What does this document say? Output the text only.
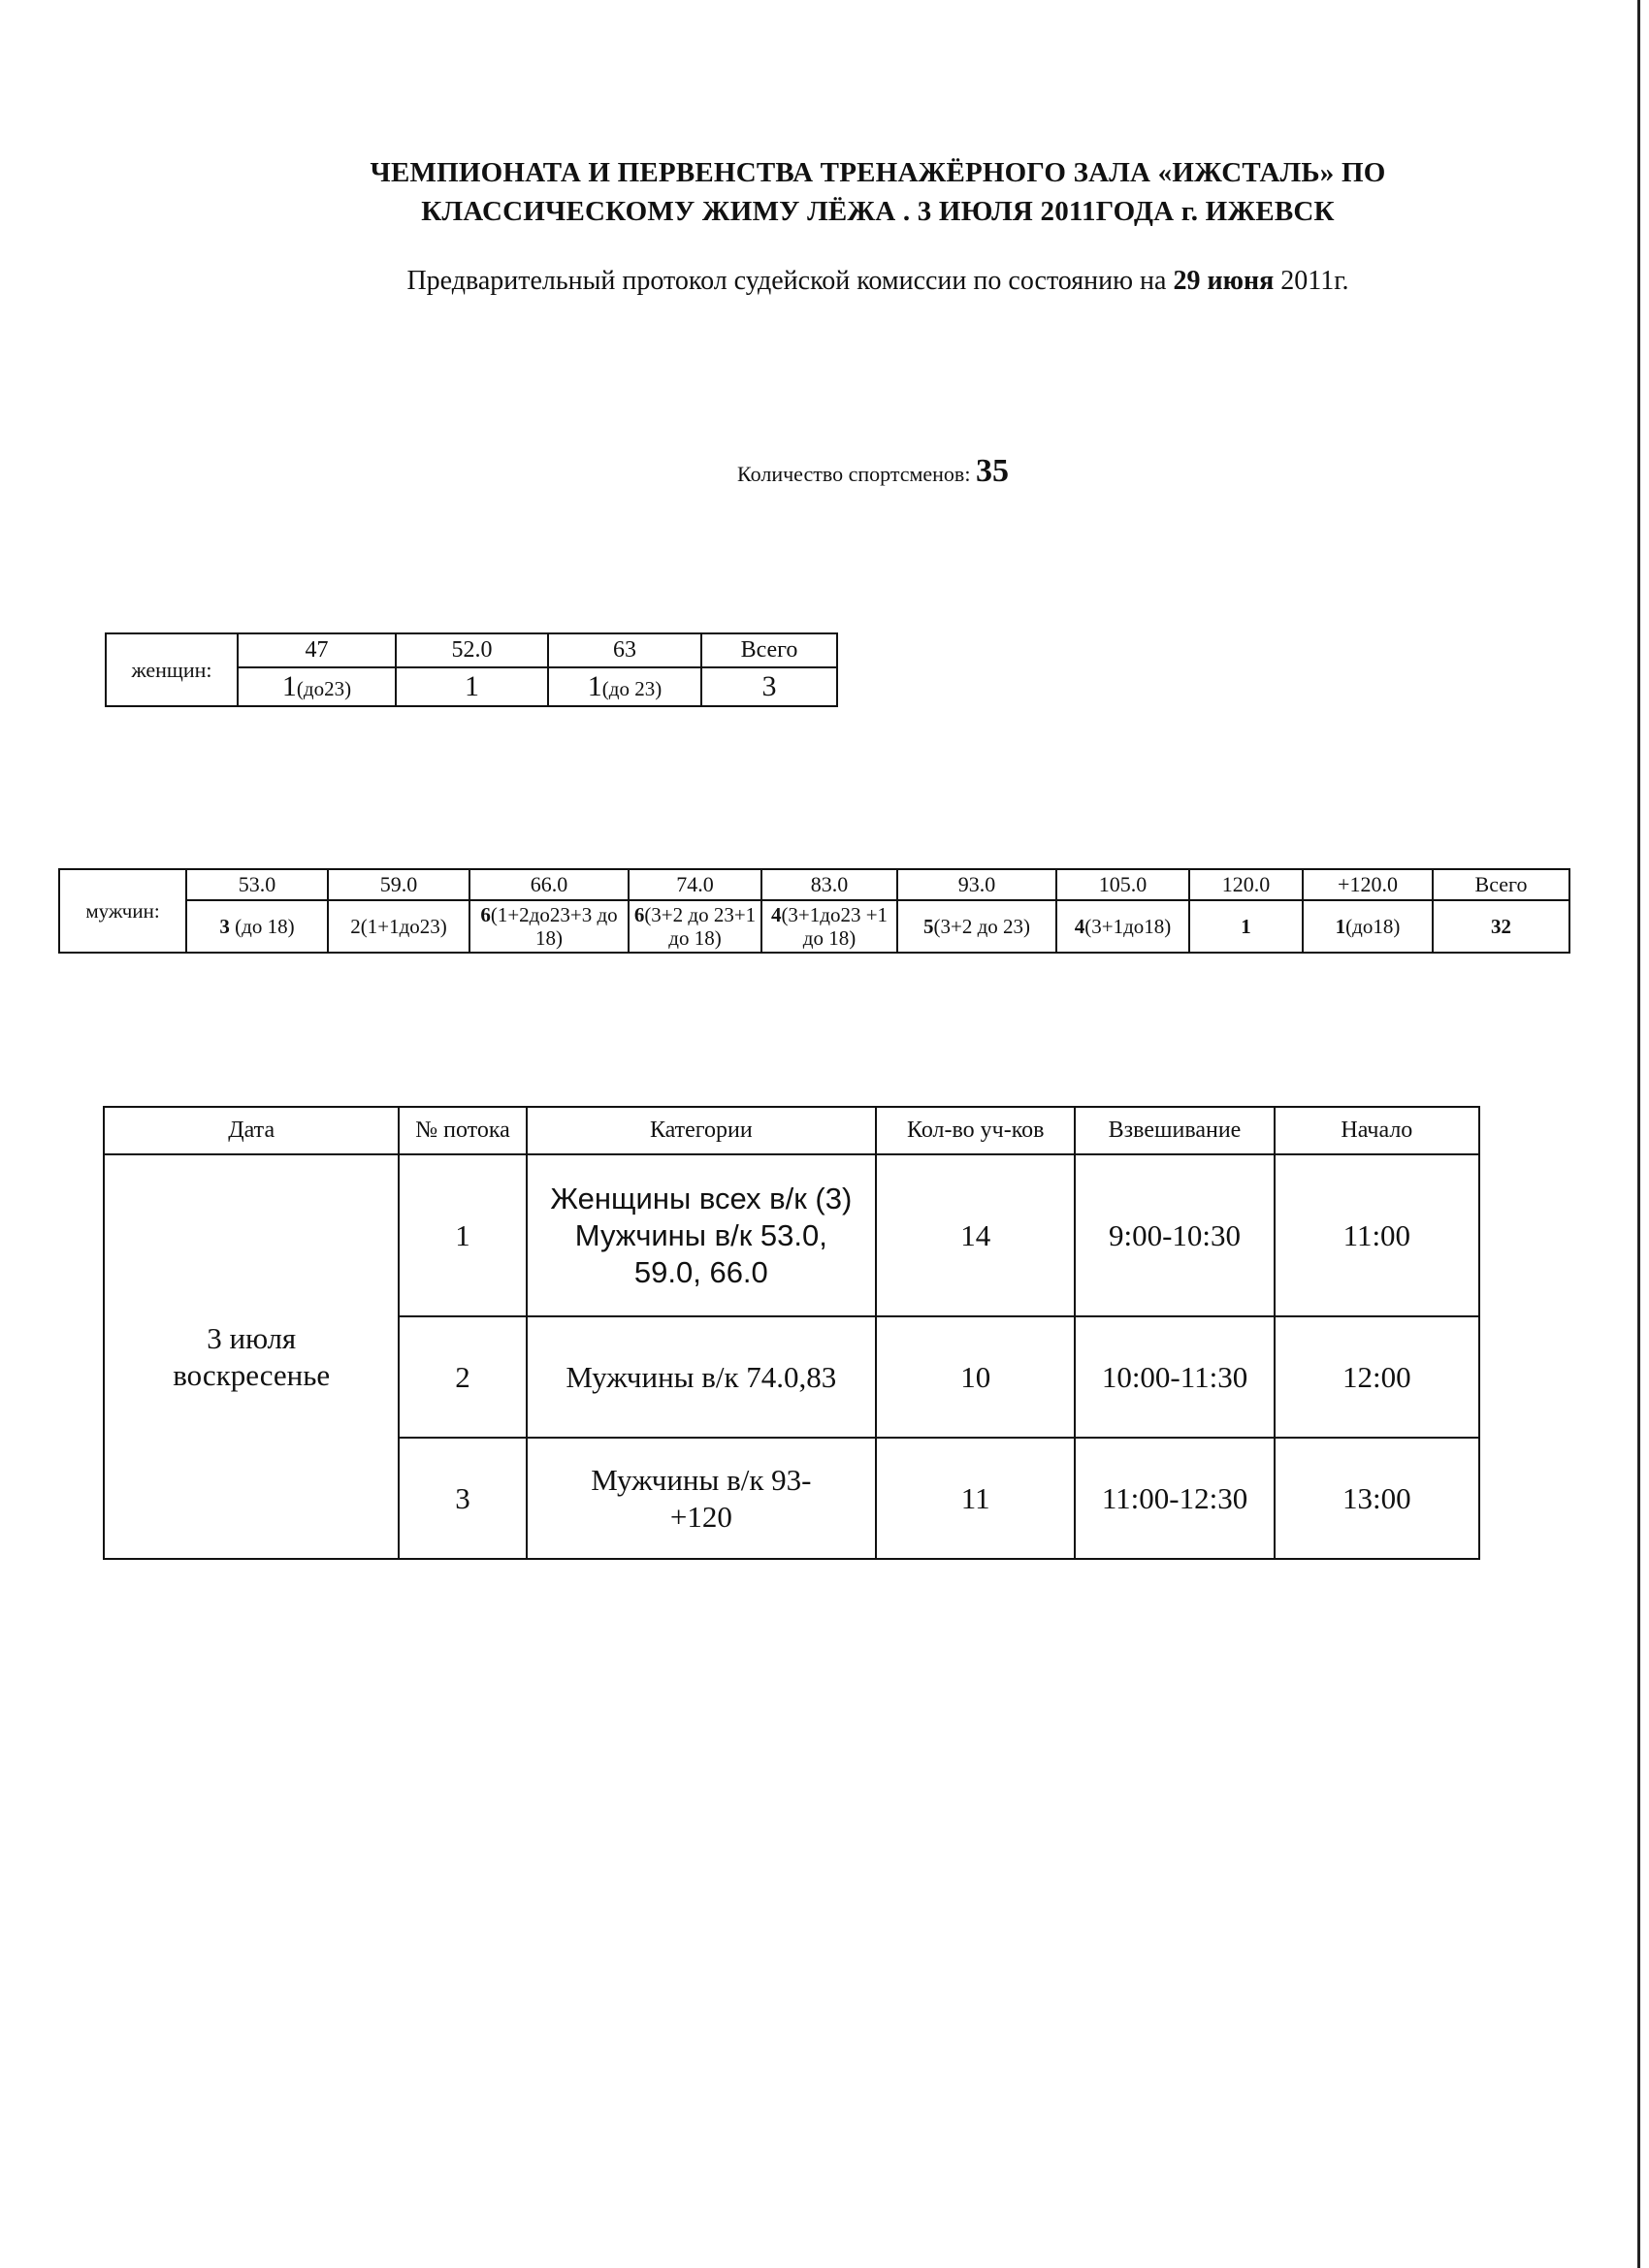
ЧЕМПИОНАТА И ПЕРВЕНСТВА ТРЕНАЖЁРНОГО ЗАЛА «ИЖСТАЛЬ» ПО
КЛАССИЧЕСКОМУ ЖИМУ ЛЁЖА . 3 ИЮЛЯ 2011ГОДА г. ИЖЕВСК
Предварительный протокол судейской комиссии по состоянию на 29 июня 2011г.
Количество спортсменов: 35
женщин:	47	52.0	63	Всего
	1(до23)	1	1(до 23)	3
мужчин:	53.0	59.0	66.0	74.0	83.0	93.0	105.0	120.0	+120.0	Всего
	3 (до 18)	2(1+1до23)	6(1+2до23+3 до 18)	6(3+2 до 23+1 до 18)	4(3+1до23 +1 до 18)	5(3+2 до 23)	4(3+1до18)	1	1(до18)	32
Дата	№ потока	Категории	Кол-во уч-ков	Взвешивание	Начало

3 июля воскресенье	1	Женщины всех в/к (3) Мужчины в/к 53.0, 59.0, 66.0	14	9:00-10:30	11:00
	2	Мужчины в/к 74.0,83	10	10:00-11:30	12:00
	3	Мужчины в/к 93-+120	11	11:00-12:30	13:00
